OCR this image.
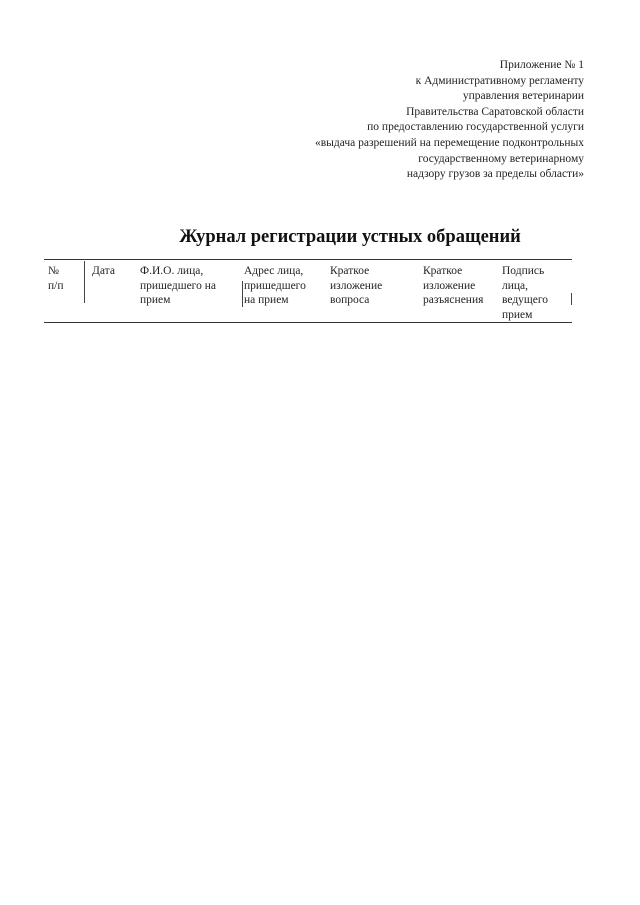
Приложение № 1
к Административному регламенту
управления ветеринарии
Правительства Саратовской области
по предоставлению государственной услуги
«выдача разрешений на перемещение подконтрольных
государственному ветеринарному
надзору грузов за пределы области»
Журнал регистрации устных обращений
№
п/п
Дата Ф.И.О. лица,
пришедшего на
прием
Адрес лица,
пришедшего
на прием
Краткое
изложение
вопроса
Краткое
изложение
разъяснения
Подпись
лица,
ведущего
прием
